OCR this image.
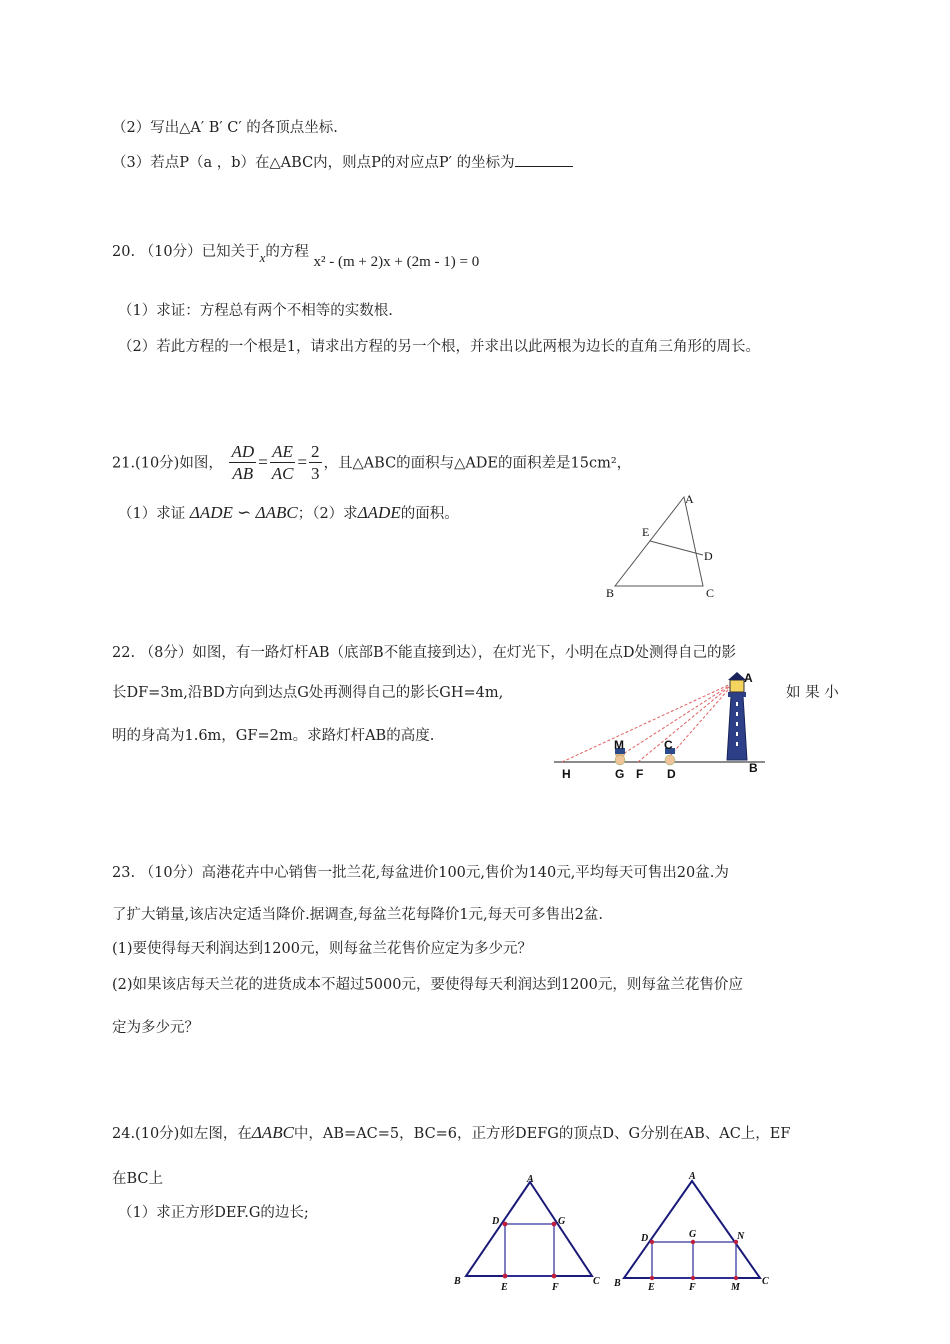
（2）写出△A′ B′ C′ 的各顶点坐标.
（3）若点P（a ，b）在△ABC内，则点P的对应点P′ 的坐标为
20. （10分）已知关于x的方程 x² - (m + 2)x + (2m - 1) = 0
（1）求证：方程总有两个不相等的实数根.
（2）若此方程的一个根是1，请求出方程的另一个根，并求出以此两根为边长的直角三角形的周长。
21.(10分)如图， $\frac{AD}{AB} = \frac{AE}{AC} = \frac{2}{3}$ ，且△ABC的面积与△ADE的面积差是15cm²，
（1）求证 ΔADE ∽ ΔABC；（2）求ΔADE的面积。
A
E
D
B	C
22. （8分）如图，有一路灯杆AB（底部B不能直接到达），在灯光下，小明在点D处测得自己的影
长DF=3m,沿BD方向到达点G处再测得自己的影长GH=4m,	如 果 小
明的身高为1.6m，GF=2m。求路灯杆AB的高度.
A
M	C
H	G F D	B
23. （10分）高港花卉中心销售一批兰花,每盆进价100元,售价为140元,平均每天可售出20盆.为
了扩大销量,该店决定适当降价.据调查,每盆兰花每降价1元,每天可多售出2盆.
(1)要使得每天利润达到1200元，则每盆兰花售价应定为多少元？
(2)如果该店每天兰花的进货成本不超过5000元，要使得每天利润达到1200元，则每盆兰花售价应
定为多少元？
24.(10分)如左图，在ΔABC中，AB=AC=5，BC=6，正方形DEFG的顶点D、G分别在AB、AC上，EF
在BC上
（1）求正方形DEF.G的边长;
A
D	G
B
E	F
C
A
D	G	N
B	E	F	M
C
